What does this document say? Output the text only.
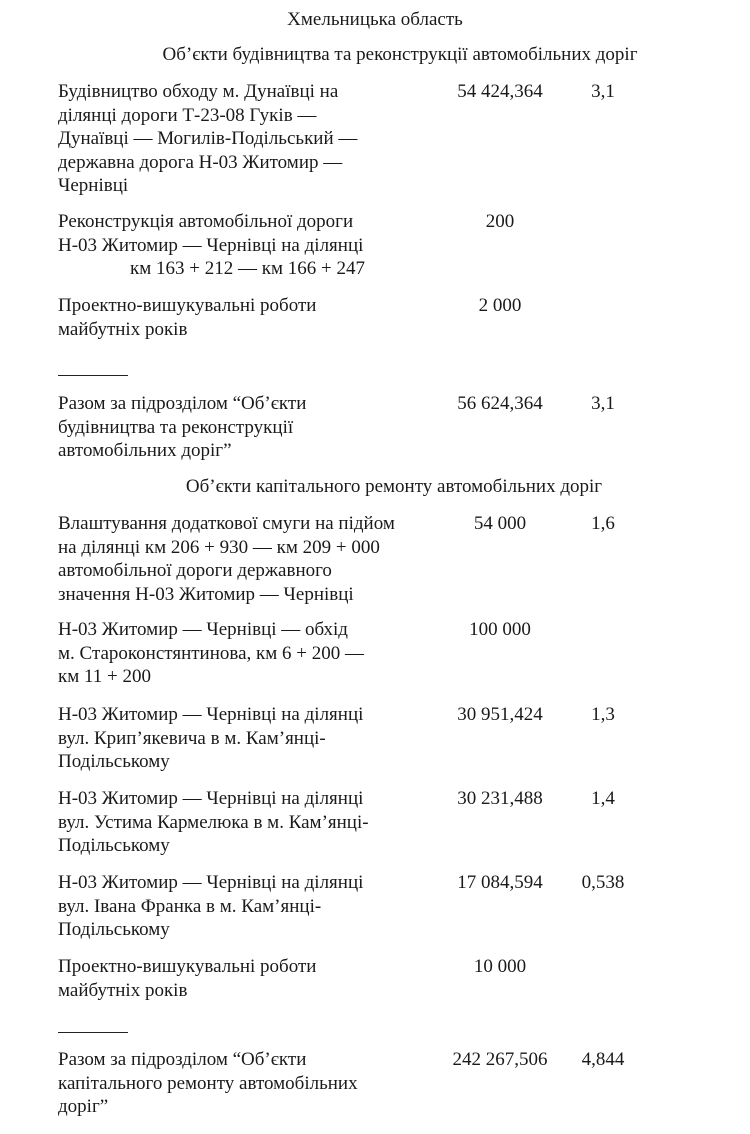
Хмельницька область

Об’єкти будівництва та реконструкції автомобільних доріг

Будівництво обходу м. Дунаївці на
ділянці дороги Т-23-08 Гуків —
Дунаївці — Могилів-Подільський —
державна дорога Н-03 Житомир —
Чернівці
54 424,364	3,1
Реконструкція автомобільної дороги
Н-03 Житомир — Чернівці на ділянці
км 163 + 212 — км 166 + 247
200
Проектно-вишукувальні роботи
майбутніх років
2 000
Разом за підрозділом “Об’єкти
будівництва та реконструкції
автомобільних доріг”
56 624,364	3,1

Об’єкти капітального ремонту автомобільних доріг

Влаштування додаткової смуги на підйом
на ділянці км 206 + 930 — км 209 + 000
автомобільної дороги державного
значення Н-03 Житомир — Чернівці
54 000	1,6
Н-03 Житомир — Чернівці — обхід
м. Староконстянтинова, км 6 + 200 —
км 11 + 200
100 000
Н-03 Житомир — Чернівці на ділянці
вул. Крип’якевича в м. Кам’янці-
Подільському
30 951,424	1,3
Н-03 Житомир — Чернівці на ділянці
вул. Устима Кармелюка в м. Кам’янці-
Подільському
30 231,488	1,4
Н-03 Житомир — Чернівці на ділянці
вул. Івана Франка в м. Кам’янці-
Подільському
17 084,594	0,538
Проектно-вишукувальні роботи
майбутніх років
10 000
Разом за підрозділом “Об’єкти
капітального ремонту автомобільних
доріг”
242 267,506	4,844
